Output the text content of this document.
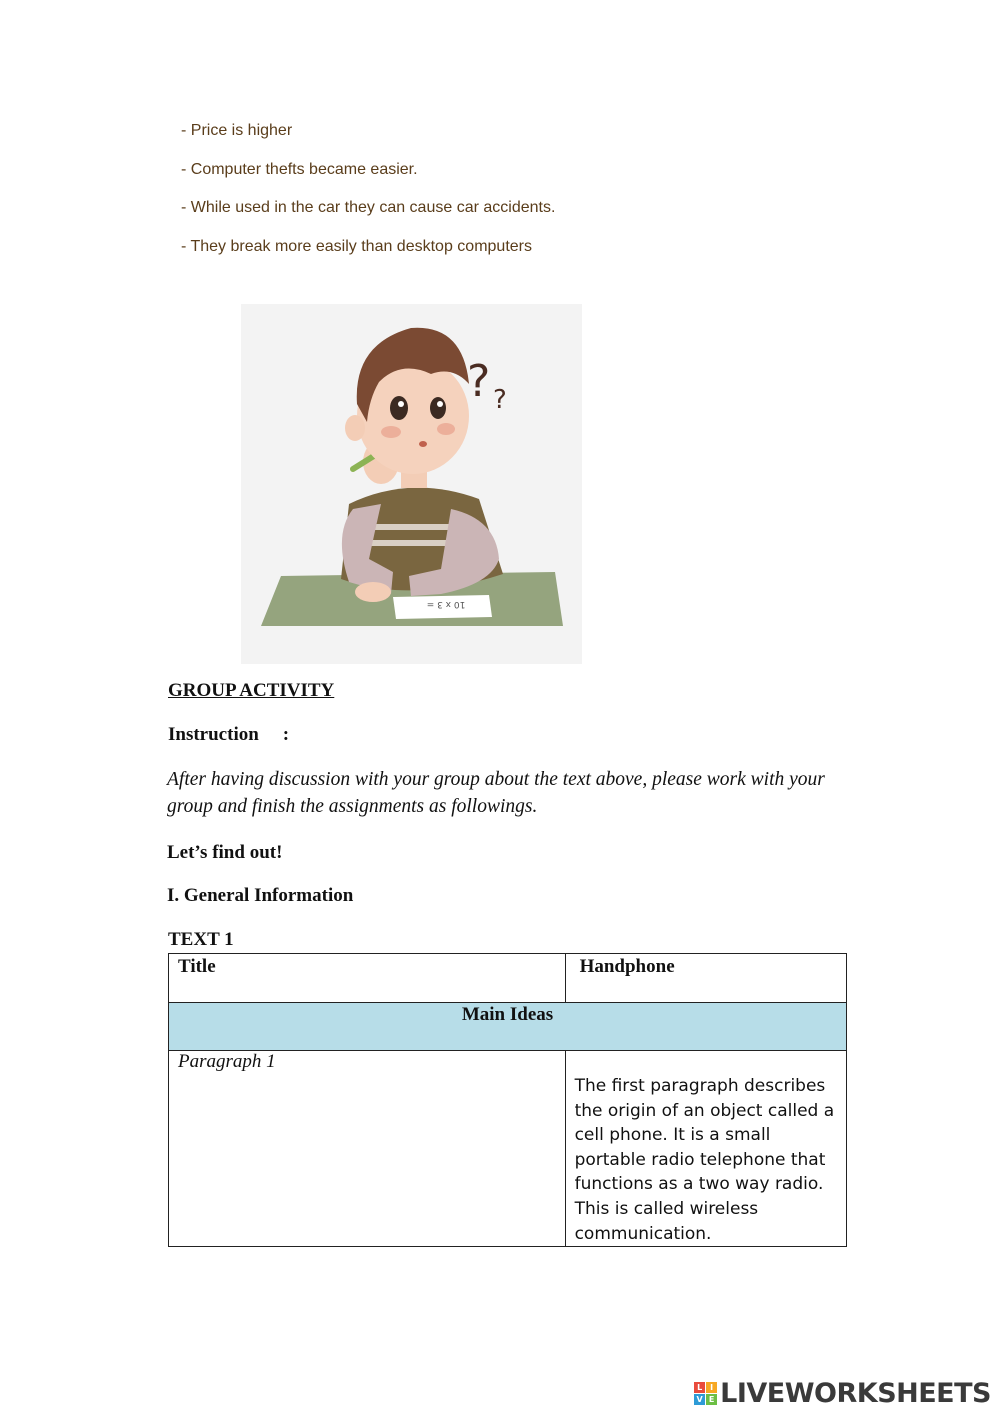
- Price is higher

- Computer thefts became easier.

- While used in the car they can cause car accidents.

- They break more easily than desktop computers

10 x 3 =
? ?
GROUP ACTIVITY
Instruction :

After having discussion with your group about the text above, please work with your group and finish the assignments as followings.

Let’s find out!
I. General Information
TEXT 1
Title	Handphone

Main Ideas	

Paragraph 1	The first paragraph describes the origin of an object called a cell phone. It is a small portable radio telephone that functions as a two way radio. This is called wireless communication.
L I
V E LIVEWORKSHEETS
